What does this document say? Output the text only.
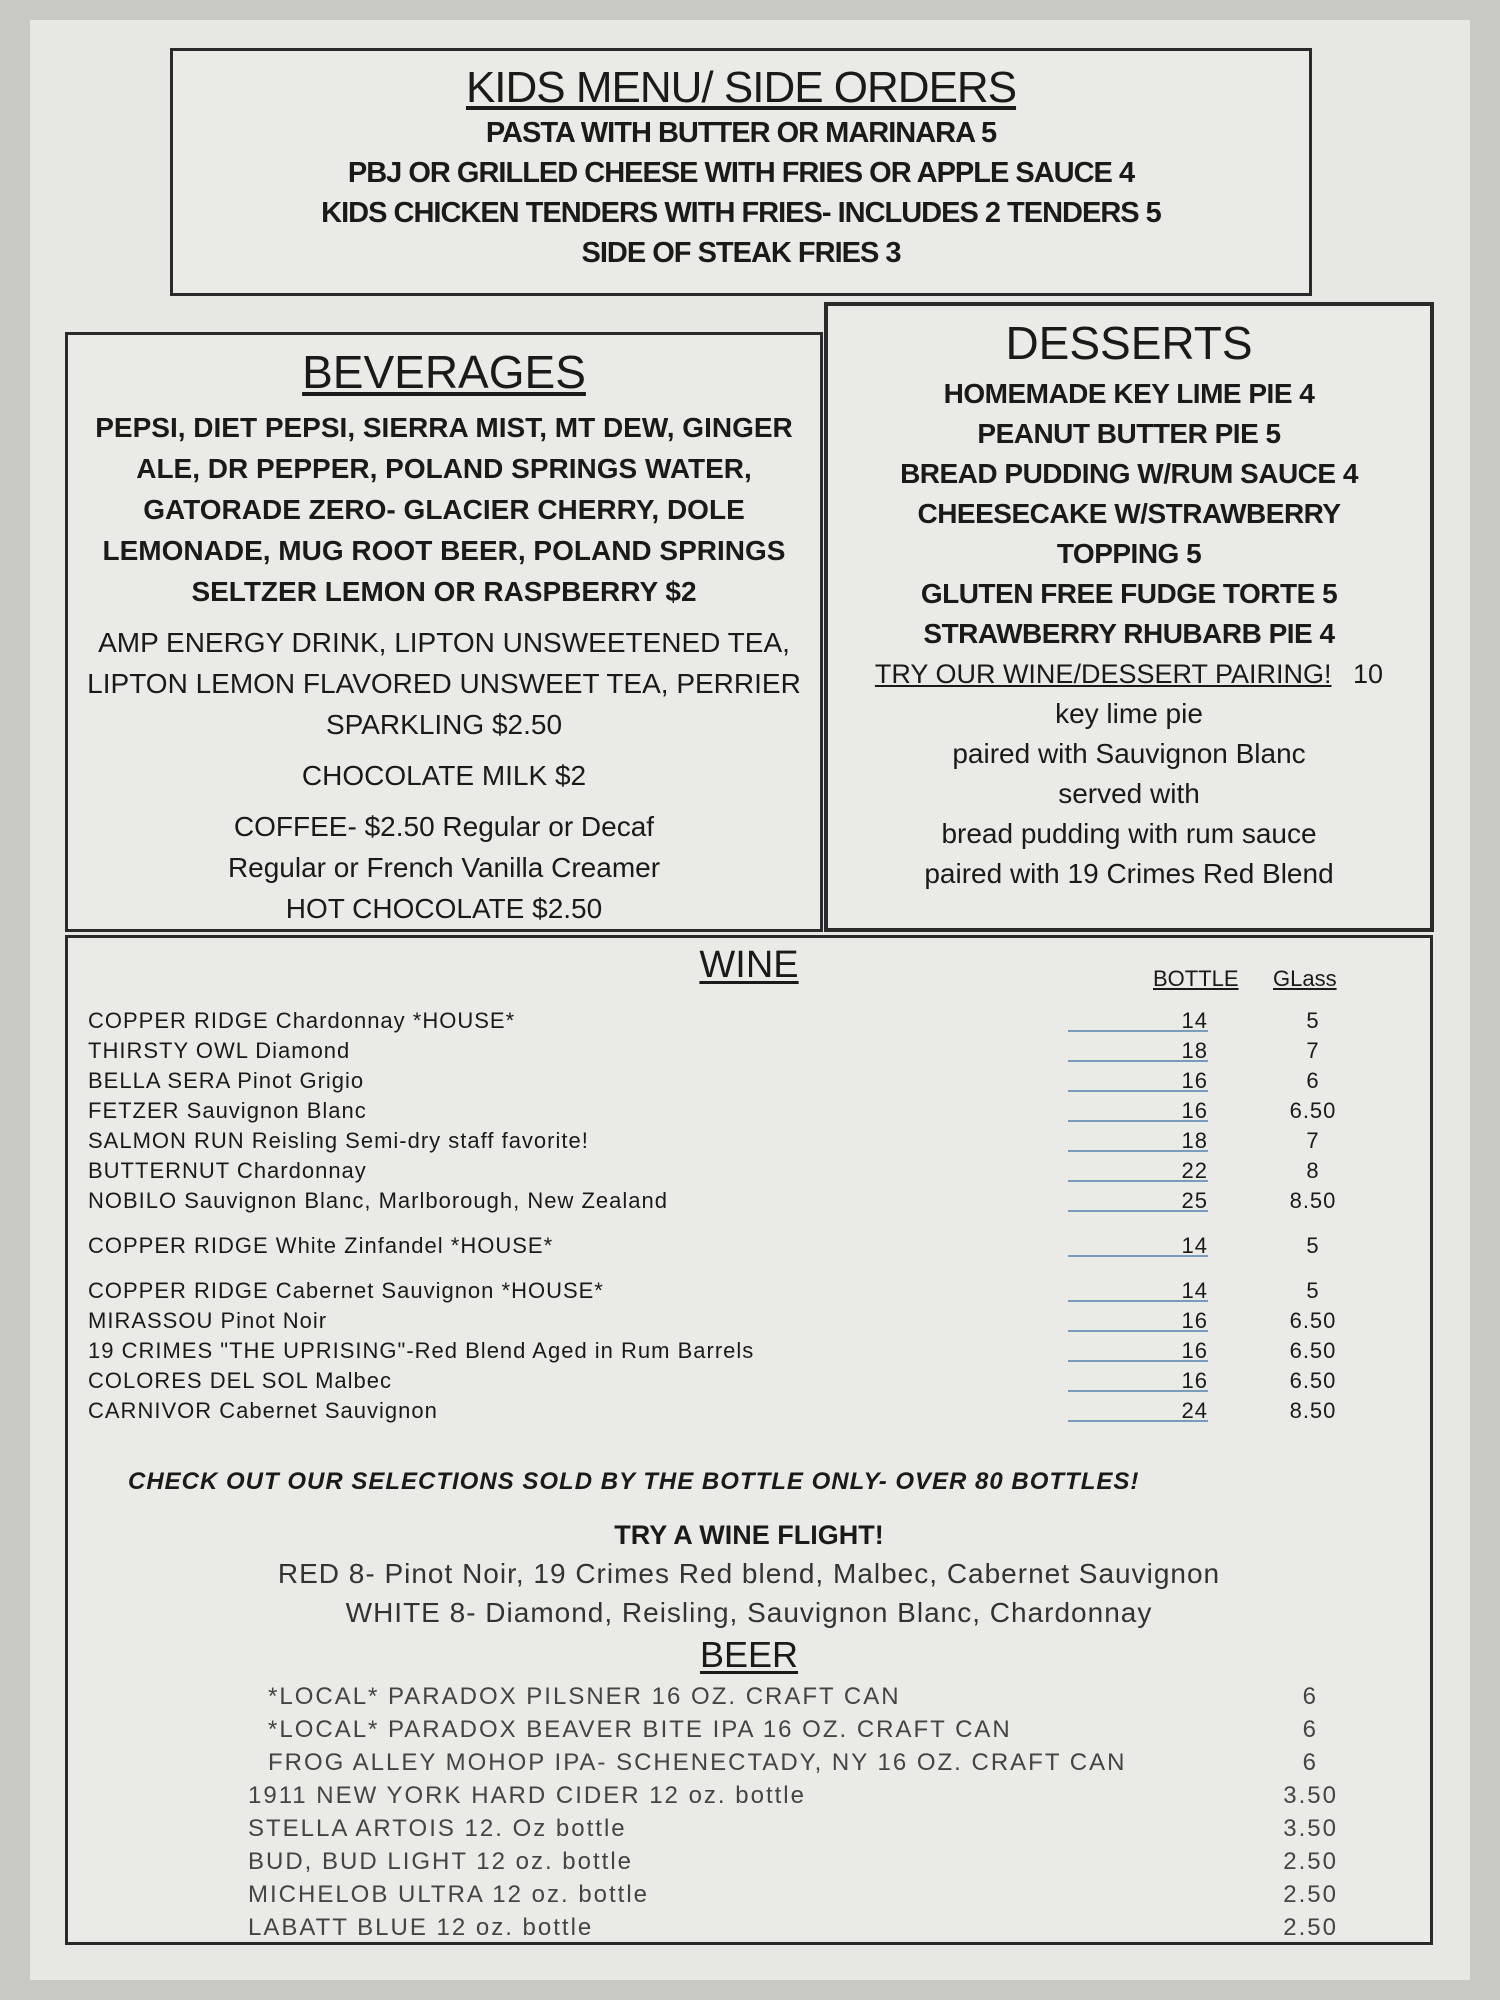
KIDS MENU/ SIDE ORDERS
PASTA WITH BUTTER OR MARINARA 5
PBJ OR GRILLED CHEESE WITH FRIES OR APPLE SAUCE 4
KIDS CHICKEN TENDERS WITH FRIES- INCLUDES 2 TENDERS 5
SIDE OF STEAK FRIES 3
BEVERAGES
PEPSI, DIET PEPSI, SIERRA MIST, MT DEW, GINGER ALE, DR PEPPER, POLAND SPRINGS WATER, GATORADE ZERO- GLACIER CHERRY, DOLE LEMONADE, MUG ROOT BEER, POLAND SPRINGS SELTZER LEMON OR RASPBERRY $2
AMP ENERGY DRINK, LIPTON UNSWEETENED TEA, LIPTON LEMON FLAVORED UNSWEET TEA, PERRIER SPARKLING $2.50
CHOCOLATE MILK $2
COFFEE- $2.50 Regular or Decaf
Regular or French Vanilla Creamer
HOT CHOCOLATE $2.50
DESSERTS
HOMEMADE KEY LIME PIE 4
PEANUT BUTTER PIE 5
BREAD PUDDING W/RUM SAUCE 4
CHEESECAKE W/STRAWBERRY
TOPPING 5
GLUTEN FREE FUDGE TORTE 5
STRAWBERRY RHUBARB PIE 4
TRY OUR WINE/DESSERT PAIRING! 10
key lime pie
paired with Sauvignon Blanc
served with
bread pudding with rum sauce
paired with 19 Crimes Red Blend
WINE	BOTTLE GLass
COPPER RIDGE Chardonnay *HOUSE*	14	5
THIRSTY OWL Diamond	18	7
BELLA SERA Pinot Grigio	16	6
FETZER Sauvignon Blanc	16	6.50
SALMON RUN Reisling Semi-dry staff favorite!	18	7
BUTTERNUT Chardonnay	22	8
NOBILO Sauvignon Blanc, Marlborough, New Zealand	25	8.50
COPPER RIDGE White Zinfandel *HOUSE*	14	5
COPPER RIDGE Cabernet Sauvignon *HOUSE*	14	5
MIRASSOU Pinot Noir	16	6.50
19 CRIMES "THE UPRISING"-Red Blend Aged in Rum Barrels	16	6.50
COLORES DEL SOL Malbec	16	6.50
CARNIVOR Cabernet Sauvignon	24	8.50
CHECK OUT OUR SELECTIONS SOLD BY THE BOTTLE ONLY- OVER 80 BOTTLES!
TRY A WINE FLIGHT!
RED 8- Pinot Noir, 19 Crimes Red blend, Malbec, Cabernet Sauvignon
WHITE 8- Diamond, Reisling, Sauvignon Blanc, Chardonnay
BEER
*LOCAL* PARADOX PILSNER 16 OZ. CRAFT CAN	6
*LOCAL* PARADOX BEAVER BITE IPA 16 OZ. CRAFT CAN	6
FROG ALLEY MOHOP IPA- SCHENECTADY, NY 16 OZ. CRAFT CAN	6
1911 NEW YORK HARD CIDER 12 oz. bottle	3.50
STELLA ARTOIS 12. Oz bottle	3.50
BUD, BUD LIGHT 12 oz. bottle	2.50
MICHELOB ULTRA 12 oz. bottle	2.50
LABATT BLUE 12 oz. bottle	2.50
